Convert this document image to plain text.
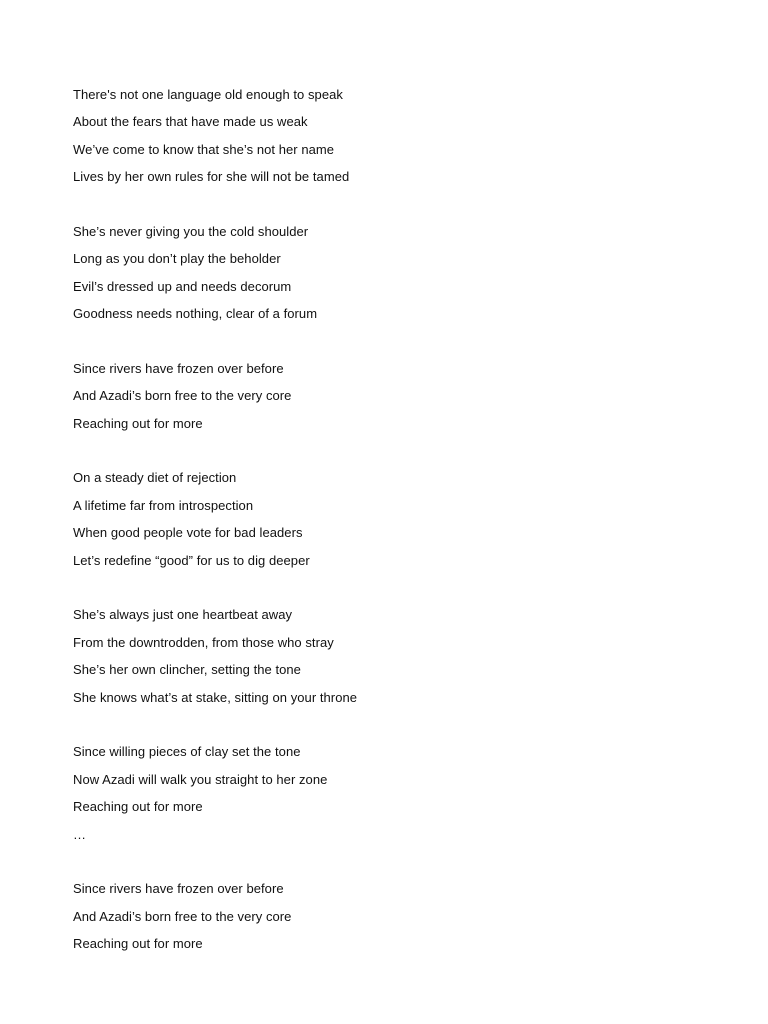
There's not one language old enough to speak
About the fears that have made us weak
We’ve come to know that she’s not her name
Lives by her own rules for she will not be tamed
She’s never giving you the cold shoulder
Long as you don’t play the beholder
Evil’s dressed up and needs decorum
Goodness needs nothing, clear of a forum
Since rivers have frozen over before
And Azadi’s born free to the very core
Reaching out for more
On a steady diet of rejection
A lifetime far from introspection
When good people vote for bad leaders
Let’s redefine “good” for us to dig deeper
She’s always just one heartbeat away
From the downtrodden, from those who stray
She’s her own clincher, setting the tone
She knows what’s at stake, sitting on your throne
Since willing pieces of clay set the tone
Now Azadi will walk you straight to her zone
Reaching out for more
…
Since rivers have frozen over before
And Azadi’s born free to the very core
Reaching out for more
